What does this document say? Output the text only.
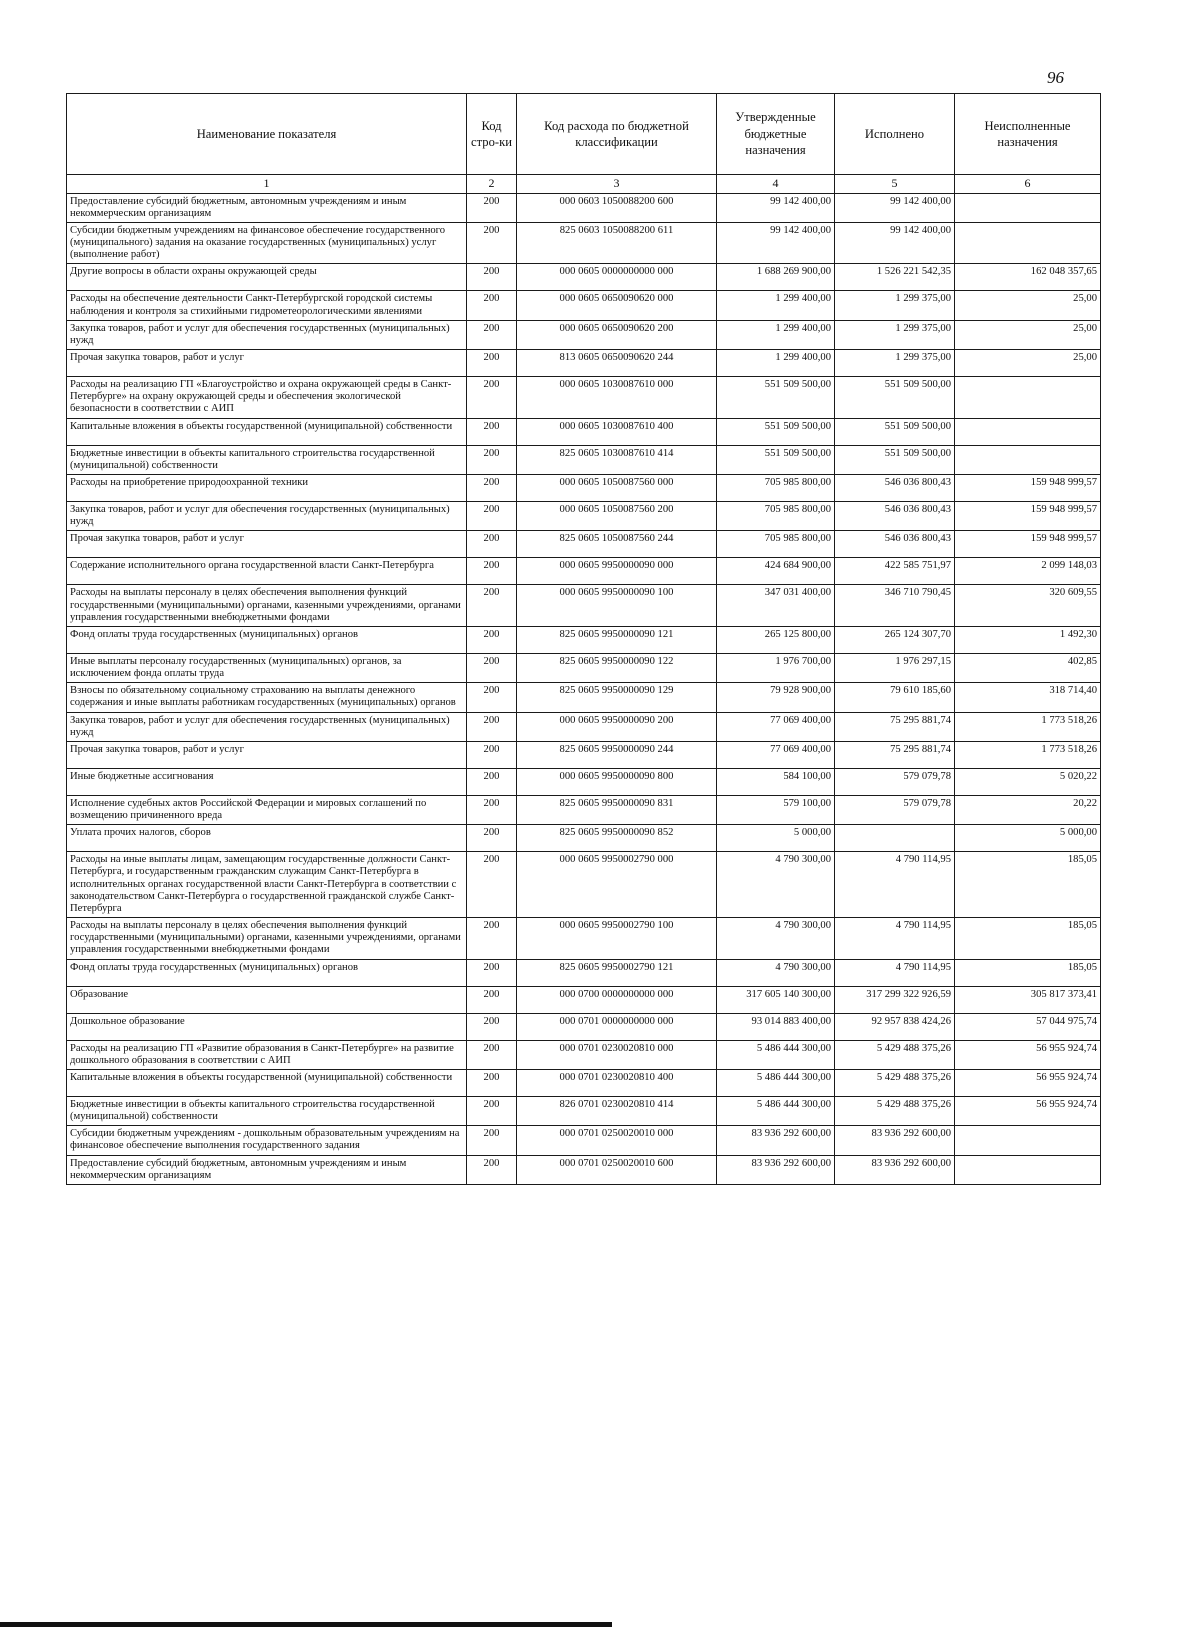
96
Наименование показателя	Код стро-ки	Код расхода по бюджетной классификации	Утвержденные бюджетные назначения	Исполнено	Неисполненные назначения
1	2	3	4	5	6
Предоставление субсидий бюджетным, автономным учреждениям и иным некоммерческим организациям	200	000 0603 1050088200 600	99 142 400,00	99 142 400,00	
Субсидии бюджетным учреждениям на финансовое обеспечение государственного (муниципального) задания на оказание государственных (муниципальных) услуг (выполнение работ)	200	825 0603 1050088200 611	99 142 400,00	99 142 400,00	
Другие вопросы в области охраны окружающей среды	200	000 0605 0000000000 000	1 688 269 900,00	1 526 221 542,35	162 048 357,65
Расходы на обеспечение деятельности Санкт-Петербургской городской системы наблюдения и контроля за стихийными гидрометеорологическими явлениями	200	000 0605 0650090620 000	1 299 400,00	1 299 375,00	25,00
Закупка товаров, работ и услуг для обеспечения государственных (муниципальных) нужд	200	000 0605 0650090620 200	1 299 400,00	1 299 375,00	25,00
Прочая закупка товаров, работ и услуг	200	813 0605 0650090620 244	1 299 400,00	1 299 375,00	25,00
Расходы на реализацию ГП «Благоустройство и охрана окружающей среды в Санкт-Петербурге» на охрану окружающей среды и обеспечения экологической безопасности в соответствии с АИП	200	000 0605 1030087610 000	551 509 500,00	551 509 500,00	
Капитальные вложения в объекты государственной (муниципальной) собственности	200	000 0605 1030087610 400	551 509 500,00	551 509 500,00	
Бюджетные инвестиции в объекты капитального строительства государственной (муниципальной) собственности	200	825 0605 1030087610 414	551 509 500,00	551 509 500,00	
Расходы на приобретение природоохранной техники	200	000 0605 1050087560 000	705 985 800,00	546 036 800,43	159 948 999,57
Закупка товаров, работ и услуг для обеспечения государственных (муниципальных) нужд	200	000 0605 1050087560 200	705 985 800,00	546 036 800,43	159 948 999,57
Прочая закупка товаров, работ и услуг	200	825 0605 1050087560 244	705 985 800,00	546 036 800,43	159 948 999,57
Содержание исполнительного органа государственной власти Санкт-Петербурга	200	000 0605 9950000090 000	424 684 900,00	422 585 751,97	2 099 148,03
Расходы на выплаты персоналу в целях обеспечения выполнения функций государственными (муниципальными) органами, казенными учреждениями, органами управления государственными внебюджетными фондами	200	000 0605 9950000090 100	347 031 400,00	346 710 790,45	320 609,55
Фонд оплаты труда государственных (муниципальных) органов	200	825 0605 9950000090 121	265 125 800,00	265 124 307,70	1 492,30
Иные выплаты персоналу государственных (муниципальных) органов, за исключением фонда оплаты труда	200	825 0605 9950000090 122	1 976 700,00	1 976 297,15	402,85
Взносы по обязательному социальному страхованию на выплаты денежного содержания и иные выплаты работникам государственных (муниципальных) органов	200	825 0605 9950000090 129	79 928 900,00	79 610 185,60	318 714,40
Закупка товаров, работ и услуг для обеспечения государственных (муниципальных) нужд	200	000 0605 9950000090 200	77 069 400,00	75 295 881,74	1 773 518,26
Прочая закупка товаров, работ и услуг	200	825 0605 9950000090 244	77 069 400,00	75 295 881,74	1 773 518,26
Иные бюджетные ассигнования	200	000 0605 9950000090 800	584 100,00	579 079,78	5 020,22
Исполнение судебных актов Российской Федерации и мировых соглашений по возмещению причиненного вреда	200	825 0605 9950000090 831	579 100,00	579 079,78	20,22
Уплата прочих налогов, сборов	200	825 0605 9950000090 852	5 000,00		5 000,00
Расходы на иные выплаты лицам, замещающим государственные должности Санкт-Петербурга, и государственным гражданским служащим Санкт-Петербурга в исполнительных органах государственной власти Санкт-Петербурга в соответствии с законодательством Санкт-Петербурга о государственной гражданской службе Санкт-Петербурга	200	000 0605 9950002790 000	4 790 300,00	4 790 114,95	185,05
Расходы на выплаты персоналу в целях обеспечения выполнения функций государственными (муниципальными) органами, казенными учреждениями, органами управления государственными внебюджетными фондами	200	000 0605 9950002790 100	4 790 300,00	4 790 114,95	185,05
Фонд оплаты труда государственных (муниципальных) органов	200	825 0605 9950002790 121	4 790 300,00	4 790 114,95	185,05
Образование	200	000 0700 0000000000 000	317 605 140 300,00	317 299 322 926,59	305 817 373,41
Дошкольное образование	200	000 0701 0000000000 000	93 014 883 400,00	92 957 838 424,26	57 044 975,74
Расходы на реализацию ГП «Развитие образования в Санкт-Петербурге» на развитие дошкольного образования в соответствии с АИП	200	000 0701 0230020810 000	5 486 444 300,00	5 429 488 375,26	56 955 924,74
Капитальные вложения в объекты государственной (муниципальной) собственности	200	000 0701 0230020810 400	5 486 444 300,00	5 429 488 375,26	56 955 924,74
Бюджетные инвестиции в объекты капитального строительства государственной (муниципальной) собственности	200	826 0701 0230020810 414	5 486 444 300,00	5 429 488 375,26	56 955 924,74
Субсидии бюджетным учреждениям - дошкольным образовательным учреждениям на финансовое обеспечение выполнения государственного задания	200	000 0701 0250020010 000	83 936 292 600,00	83 936 292 600,00	
Предоставление субсидий бюджетным, автономным учреждениям и иным некоммерческим организациям	200	000 0701 0250020010 600	83 936 292 600,00	83 936 292 600,00	
